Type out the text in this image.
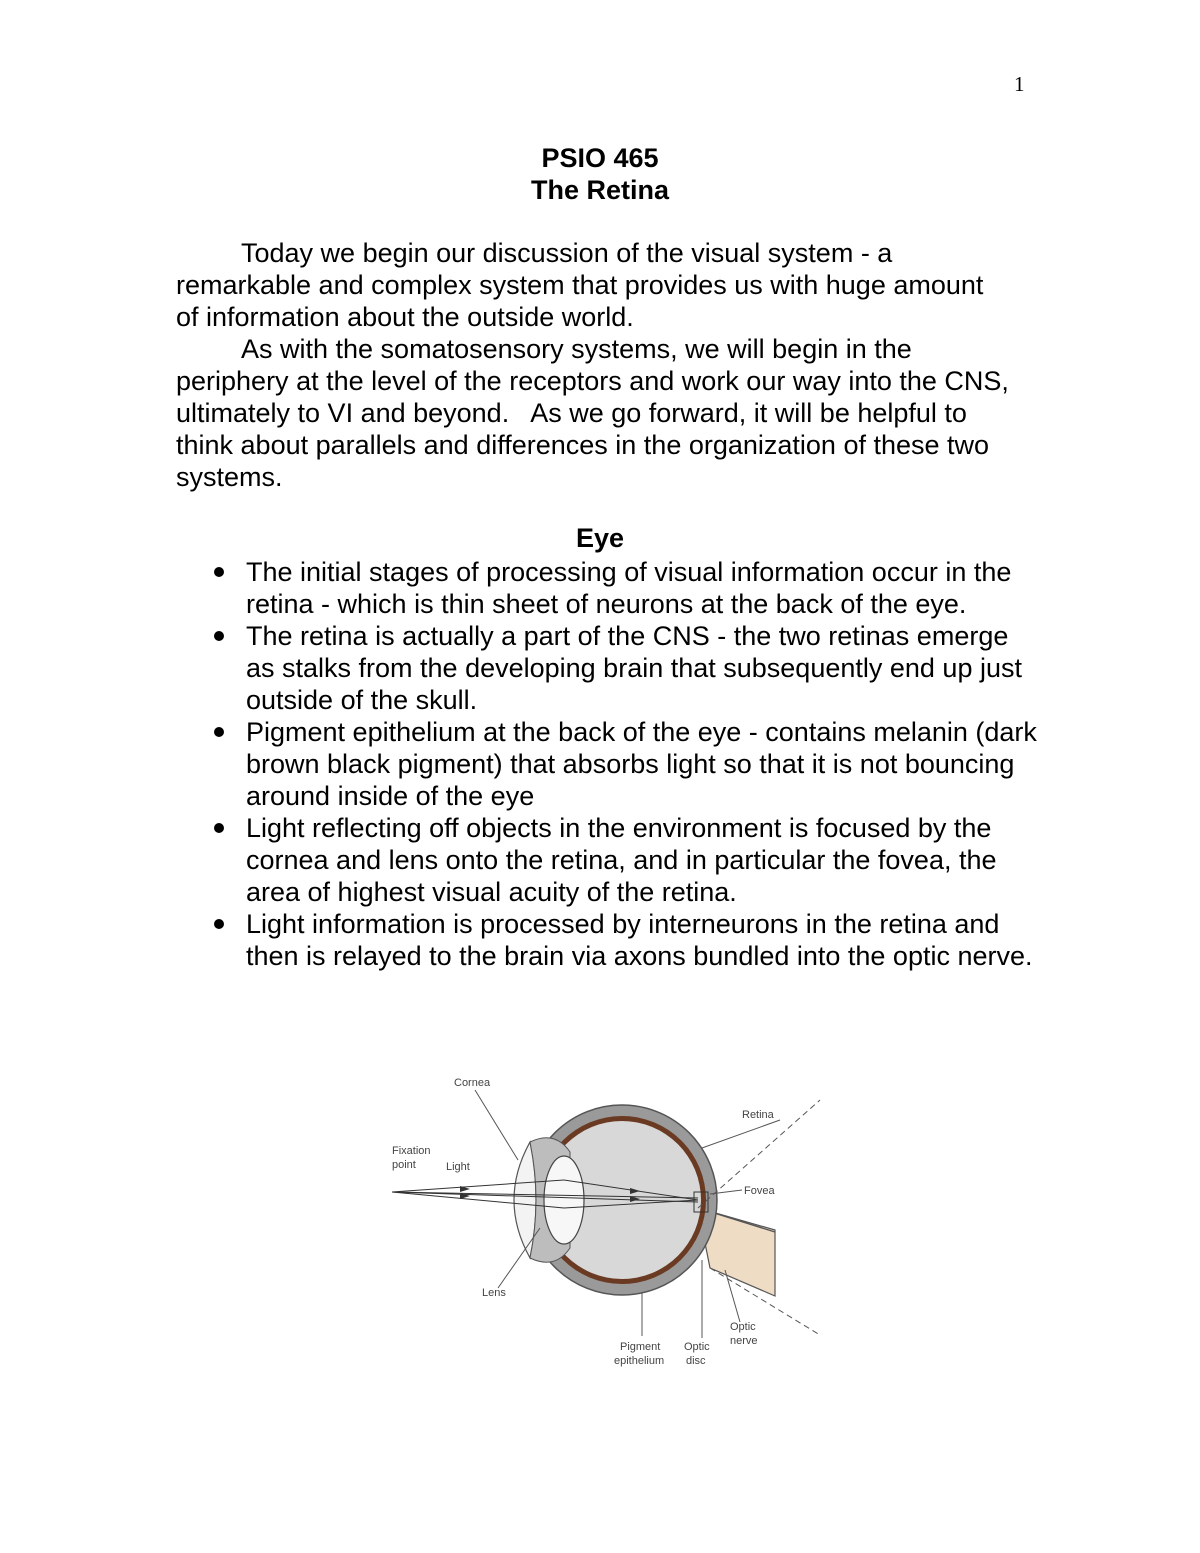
1
PSIO 465
The Retina
Today we begin our discussion of the visual system - a
remarkable and complex system that provides us with huge amount
of information about the outside world.
As with the somatosensory systems, we will begin in the
periphery at the level of the receptors and work our way into the CNS,
ultimately to VI and beyond.   As we go forward, it will be helpful to
think about parallels and differences in the organization of these two
systems.
Eye
The initial stages of processing of visual information occur in the retina - which is thin sheet of neurons at the back of the eye.
The retina is actually a part of the CNS - the two retinas emerge as stalks from the developing brain that subsequently end up just outside of the skull.
Pigment epithelium at the back of the eye - contains melanin (dark brown black pigment) that absorbs light so that it is not bouncing around inside of the eye
Light reflecting off objects in the environment is focused by the cornea and lens onto the retina, and in particular the fovea, the area of highest visual acuity of the retina.
Light information is processed by interneurons in the retina and then is relayed to the brain via axons bundled into the optic nerve.
Cornea
Retina
Fixation
point	Light
Fovea
Lens
Optic
nerve
Pigment
epithelium
Optic
disc
